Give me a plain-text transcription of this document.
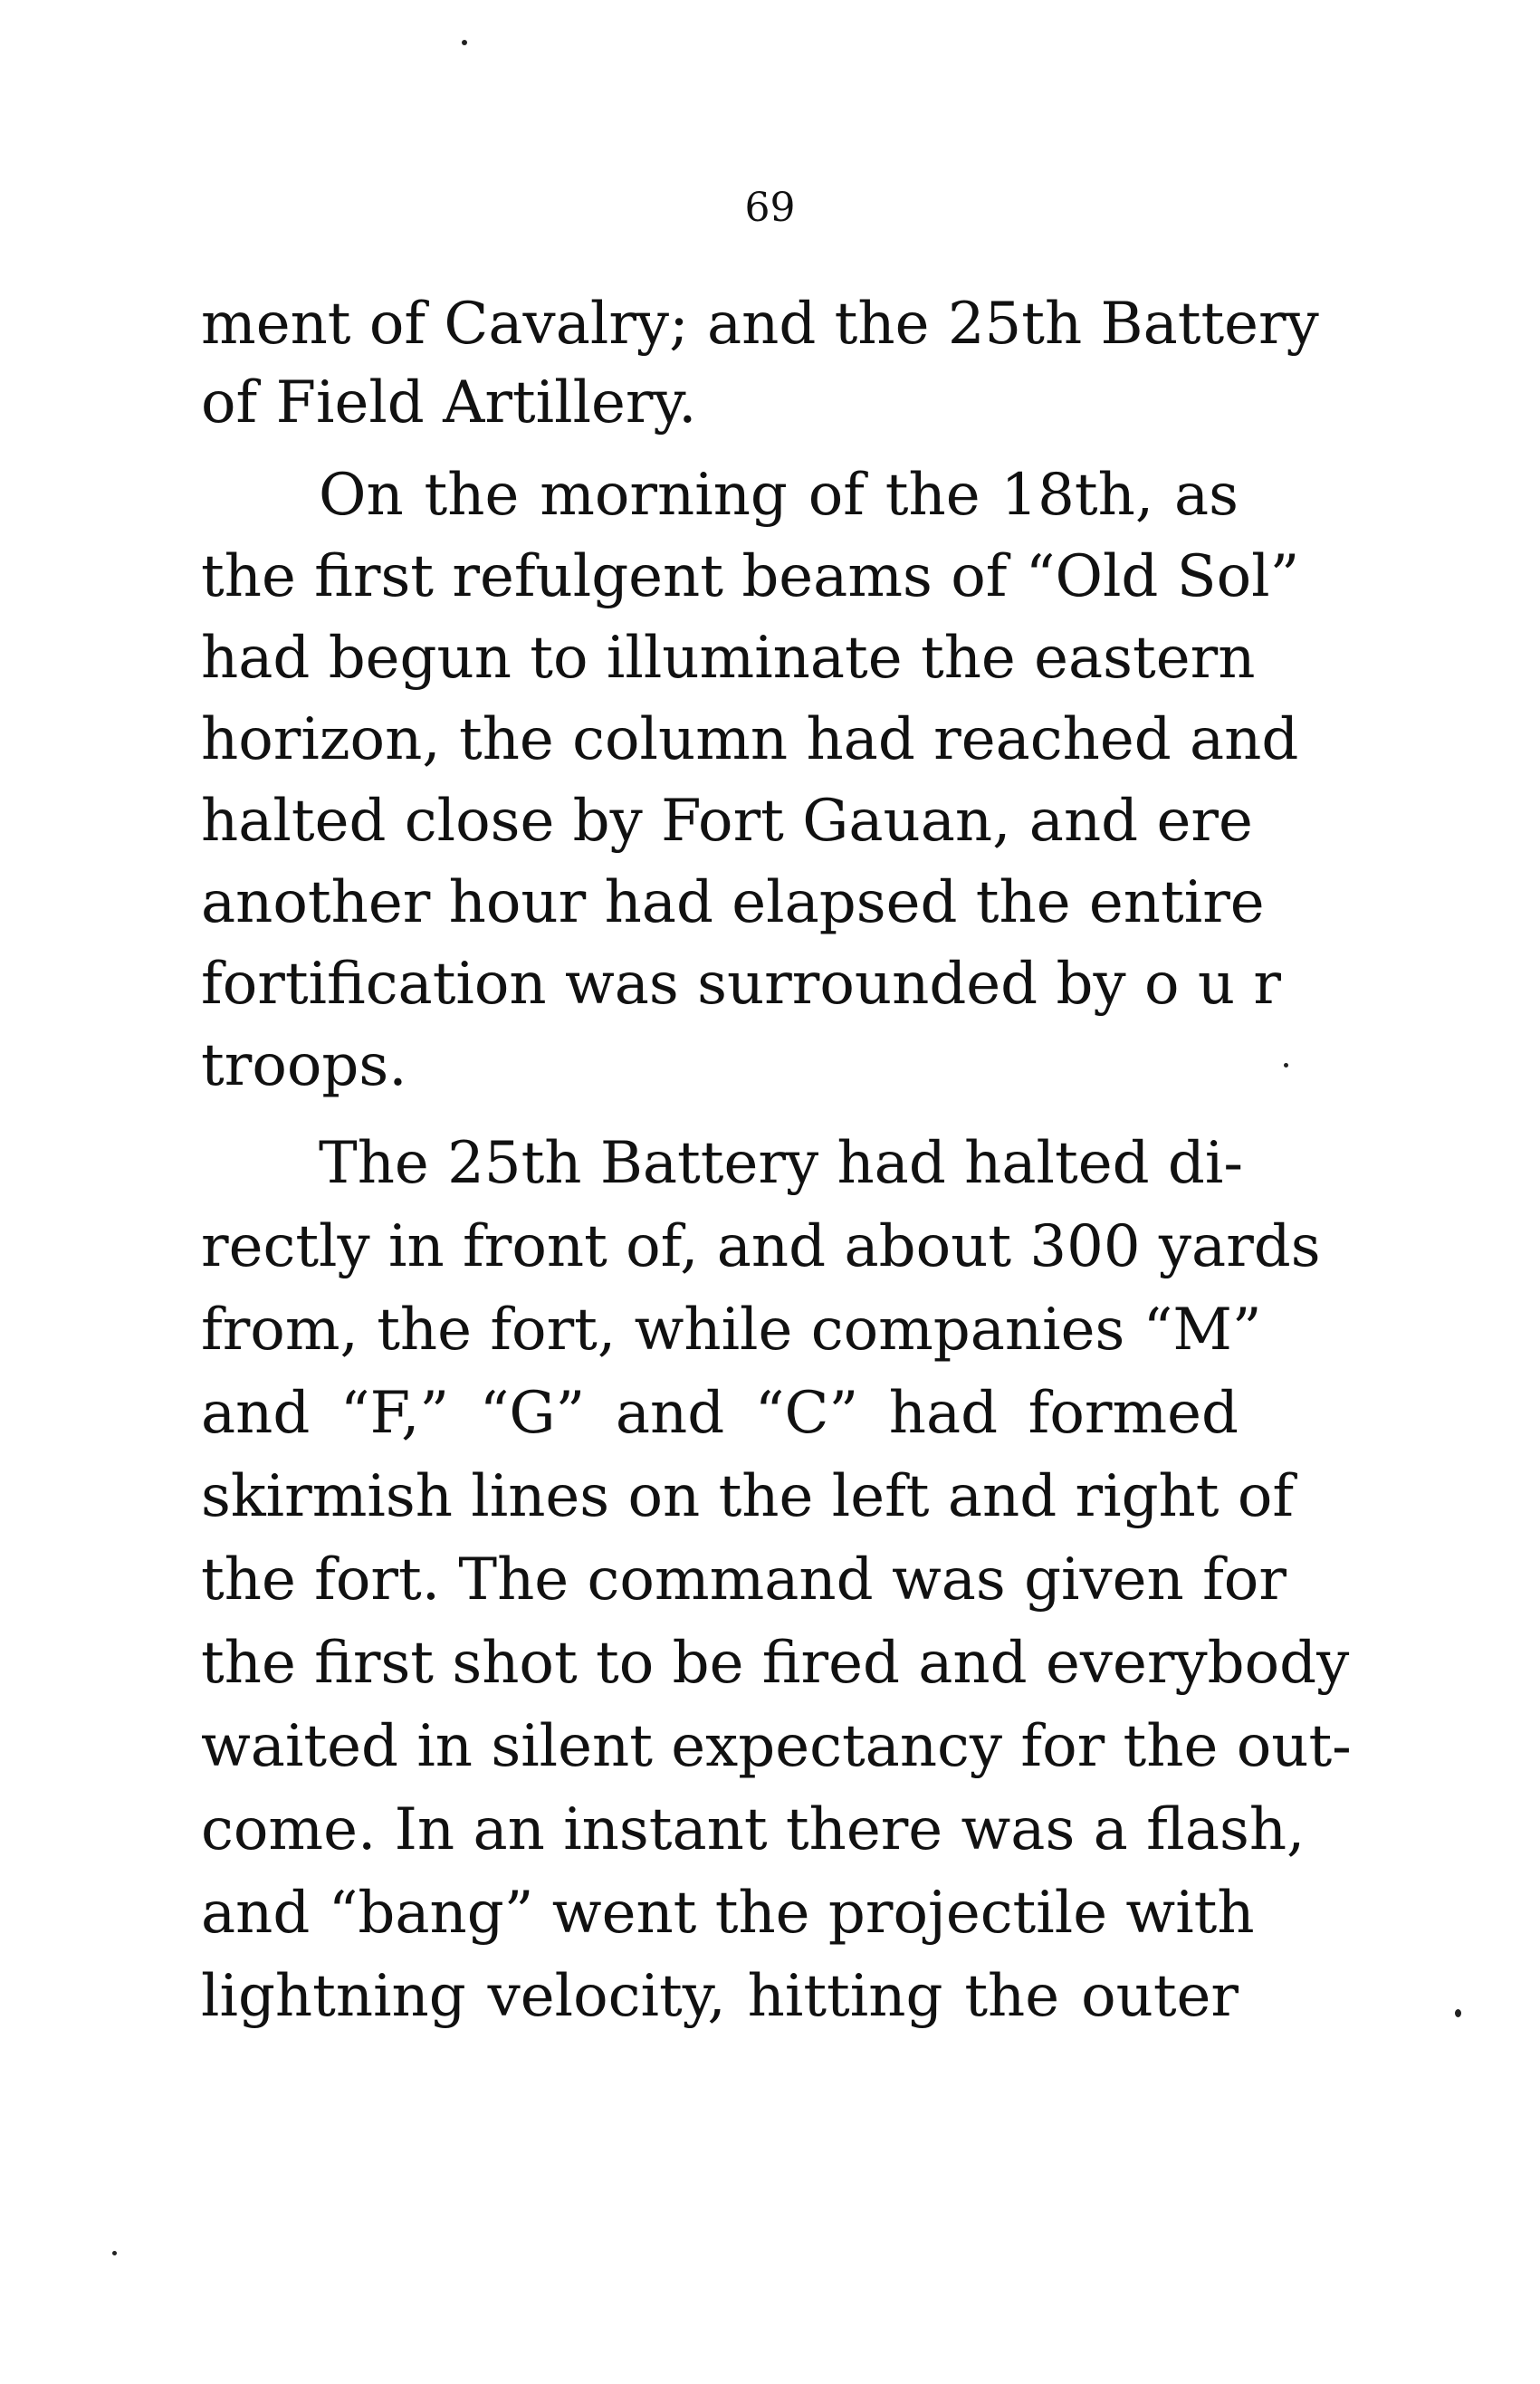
69
ment of Cavalry; and the 25th Battery
of Field Artillery.
On the morning of the 18th, as
the first refulgent beams of “Old Sol”
had begun to illuminate the eastern
horizon, the column had reached and
halted close by Fort Gauan, and ere
another hour had elapsed the entire
fortification was surrounded by o u r
troops.
The 25th Battery had halted di-
rectly in front of, and about 300 yards
from, the fort, while companies “M”
and “F,” “G” and “C” had formed
skirmish lines on the left and right of
the fort. The command was given for
the first shot to be fired and everybody
waited in silent expectancy for the out-
come. In an instant there was a flash,
and “bang” went the projectile with
lightning velocity, hitting the outer
